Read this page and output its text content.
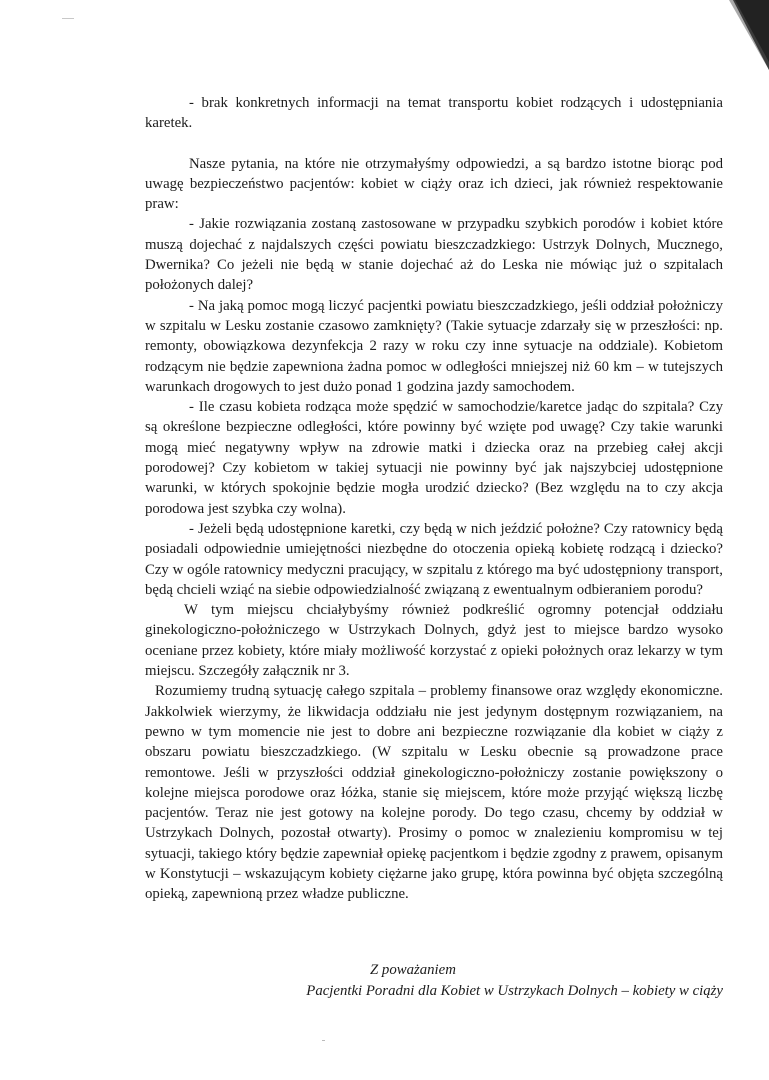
- brak konkretnych informacji na temat transportu kobiet rodzących i udostępniania karetek.

Nasze pytania, na które nie otrzymałyśmy odpowiedzi, a są bardzo istotne biorąc pod uwagę bezpieczeństwo pacjentów: kobiet w ciąży oraz ich dzieci, jak również respektowanie praw:

- Jakie rozwiązania zostaną zastosowane w przypadku szybkich porodów i kobiet które muszą dojechać z najdalszych części powiatu bieszczadzkiego: Ustrzyk Dolnych, Mucznego, Dwernika? Co jeżeli nie będą w stanie dojechać aż do Leska nie mówiąc już o szpitalach położonych dalej?

- Na jaką pomoc mogą liczyć pacjentki powiatu bieszczadzkiego, jeśli oddział położniczy w szpitalu w Lesku zostanie czasowo zamknięty? (Takie sytuacje zdarzały się w przeszłości: np. remonty, obowiązkowa dezynfekcja 2 razy w roku czy inne sytuacje na oddziale). Kobietom rodzącym nie będzie zapewniona żadna pomoc w odległości mniejszej niż 60 km – w tutejszych warunkach drogowych to jest dużo ponad 1 godzina jazdy samochodem.

- Ile czasu kobieta rodząca może spędzić w samochodzie/karetce jadąc do szpitala? Czy są określone bezpieczne odległości, które powinny być wzięte pod uwagę? Czy takie warunki mogą mieć negatywny wpływ na zdrowie matki i dziecka oraz na przebieg całej akcji porodowej? Czy kobietom w takiej sytuacji nie powinny być jak najszybciej udostępnione warunki, w których spokojnie będzie mogła urodzić dziecko? (Bez względu na to czy akcja porodowa jest szybka czy wolna).

- Jeżeli będą udostępnione karetki, czy będą w nich jeździć położne? Czy ratownicy będą posiadali odpowiednie umiejętności niezbędne do otoczenia opieką kobietę rodzącą i dziecko? Czy w ogóle ratownicy medyczni pracujący, w szpitalu z którego ma być udostępniony transport, będą chcieli wziąć na siebie odpowiedzialność związaną z ewentualnym odbieraniem porodu?

W tym miejscu chciałybyśmy również podkreślić ogromny potencjał oddziału ginekologiczno-położniczego w Ustrzykach Dolnych, gdyż jest to miejsce bardzo wysoko oceniane przez kobiety, które miały możliwość korzystać z opieki położnych oraz lekarzy w tym miejscu. Szczegóły załącznik nr 3.

Rozumiemy trudną sytuację całego szpitala – problemy finansowe oraz względy ekonomiczne. Jakkolwiek wierzymy, że likwidacja oddziału nie jest jedynym dostępnym rozwiązaniem, na pewno w tym momencie nie jest to dobre ani bezpieczne rozwiązanie dla kobiet w ciąży z obszaru powiatu bieszczadzkiego. (W szpitalu w Lesku obecnie są prowadzone prace remontowe. Jeśli w przyszłości oddział ginekologiczno-położniczy zostanie powiększony o kolejne miejsca porodowe oraz łóżka, stanie się miejscem, które może przyjąć większą liczbę pacjentów. Teraz nie jest gotowy na kolejne porody. Do tego czasu, chcemy by oddział w Ustrzykach Dolnych, pozostał otwarty). Prosimy o pomoc w znalezieniu kompromisu w tej sytuacji, takiego który będzie zapewniał opiekę pacjentkom i będzie zgodny z prawem, opisanym w Konstytucji – wskazującym kobiety ciężarne jako grupę, która powinna być objęta szczególną opieką, zapewnioną przez władze publiczne.

Z poważaniem
Pacjentki Poradni dla Kobiet w Ustrzykach Dolnych – kobiety w ciąży
